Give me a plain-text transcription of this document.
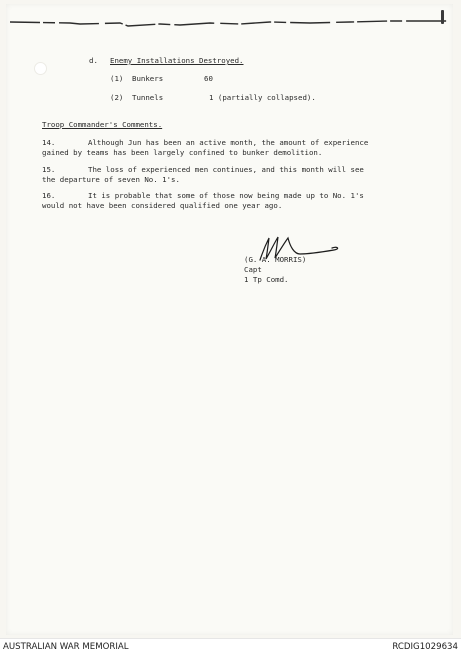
d. Enemy Installations Destroyed.
(1) Bunkers	60
(2) Tunnels	1 (partially collapsed).
Troop Commander's Comments.
14.	Although Jun has been an active month, the amount of experience
gained by teams has been largely confined to bunker demolition.
15.	The loss of experienced men continues, and this month will see
the departure of seven No. 1's.
16.	It is probable that some of those now being made up to No. 1's
would not have been considered qualified one year ago.
(G. A. MORRIS)
Capt
1 Tp Comd.
AUSTRALIAN WAR MEMORIAL	RCDIG1029634
